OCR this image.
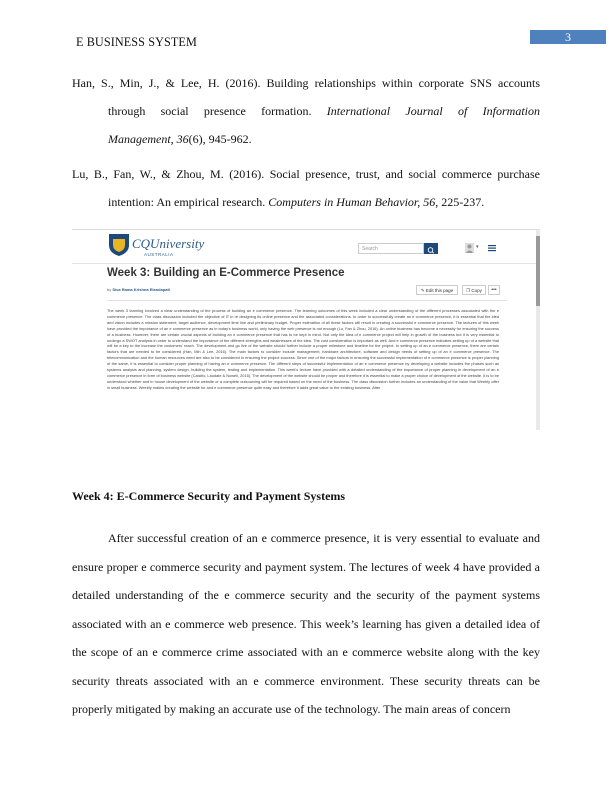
E BUSINESS SYSTEM	3
Han, S., Min, J., & Lee, H. (2016). Building relationships within corporate SNS accounts
through social presence formation. International Journal of Information
Management, 36(6), 945-962.
Lu, B., Fan, W., & Zhou, M. (2016). Social presence, trust, and social commerce purchase
intention: An empirical research. Computers in Human Behavior, 56, 225-237.
CQUniversity
AUSTRALIA
Search	▾
Week 3: Building an E-Commerce Presence
by Siva Rama Krishna Elandapati	✎ Edit this page	❐ Copy	•••
The week 3 learning involved a clear understanding of the process of building an e commerce presence. The learning outcomes of this week included a clear understanding of the different processes associated with the e commerce presence. The class discussion included the objective of IT in re designing its online presence and the associated considerations. In order to successfully create an e commerce presence, it is essential that the idea and vision includes a mission statement, target audience, development time line and preliminary budget. Proper estimation of all these factors will result in creating a successful e commerce presence. The lectures of this week have provided the importance of an e commerce presence as in today's business world, only having the web presence is not enough (Lu, Fan & Zhou, 2016). An online business has become a necessity for ensuring the success of a business. However, there are certain crucial aspects of building an e commerce presence that has to be kept in mind. Not only the idea of e commerce project will help in growth of the business but it is very essential to undergo a SWOT analysis in order to understand the importance of the different strengths and weaknesses of the idea. The cost consideration is important as well. And e commerce presence indicates setting up of a website that will be a key to the increase the customers' reach. The development and go live of the website should further include a proper milestone and timeline for the project. In setting up of an e commerce presence, there are certain factors that are needed to be considered (Han, Min & Lee, 2016). The main factors to consider include management, hardware architecture, software and design needs of setting up of an e commerce presence. The telecommunication and the human resources need are also to be considered in ensuring the project success. Since one of the major factors in ensuring the successful implementation of e commerce presence is proper planning of the same, it is essential to consider proper planning of having an e commerce presence. The different steps of successful implementation of an e commerce presence by developing a website includes the phases such as systems analysis and planning, system design, building the system, testing and implementation. This week's lecture have provided with a detailed understanding of the importance of proper planning in development of an e commerce presence in form of business website (Cataño, Laudate & Nowell, 2015). The development of the website should be proper and therefore it is essential to make a proper choice of development of the website. It is to be understood whether and in house development of the website or a complete outsourcing will be required based on the need of the business. The class discussion further includes an understanding of the value that Weebly offer in small business. Weebly makes creating the website for and e commerce presence quite easy and therefore it adds great value to the existing business. After
Week 4: E-Commerce Security and Payment Systems
After successful creation of an e commerce presence, it is very essential to evaluate and ensure proper e commerce security and payment system. The lectures of week 4 have provided a detailed understanding of the e commerce security and the security of the payment systems associated with an e commerce web presence. This week’s learning has given a detailed idea of the scope of an e commerce crime associated with an e commerce website along with the key security threats associated with an e commerce environment. These security threats can be properly mitigated by making an accurate use of the technology. The main areas of concern
